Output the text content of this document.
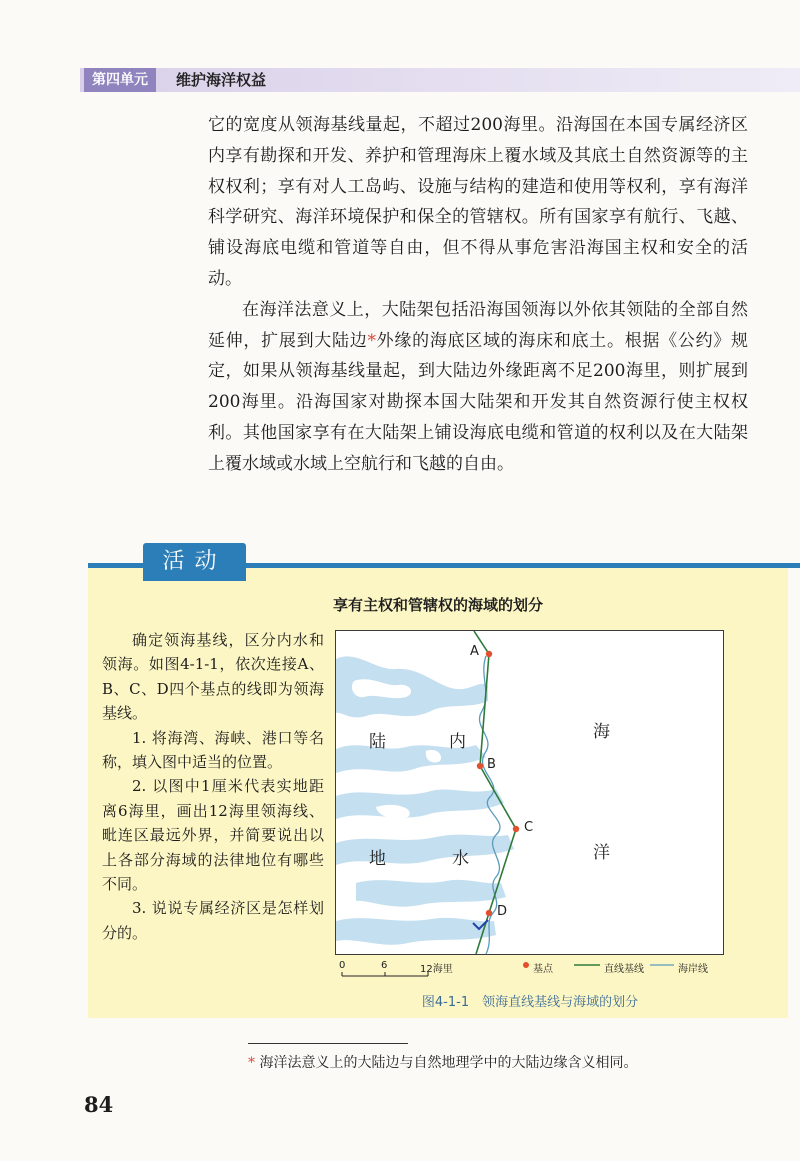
第四单元	维护海洋权益

它的宽度从领海基线量起，不超过200海里。沿海国在本国专属经济区内享有勘探和开发、养护和管理海床上覆水域及其底土自然资源等的主权权利；享有对人工岛屿、设施与结构的建造和使用等权利，享有海洋科学研究、海洋环境保护和保全的管辖权。所有国家享有航行、飞越、铺设海底电缆和管道等自由，但不得从事危害沿海国主权和安全的活动。

在海洋法意义上，大陆架包括沿海国领海以外依其领陆的全部自然延伸，扩展到大陆边*外缘的海底区域的海床和底土。根据《公约》规定，如果从领海基线量起，到大陆边外缘距离不足200海里，则扩展到200海里。沿海国家对勘探本国大陆架和开发其自然资源行使主权权利。其他国家享有在大陆架上铺设海底电缆和管道的权利以及在大陆架上覆水域或水域上空航行和飞越的自由。

活动
享有主权和管辖权的海域的划分

确定领海基线，区分内水和领海。如图4-1-1，依次连接A、B、C、D四个基点的线即为领海基线。

1. 将海湾、海峡、港口等名称，填入图中适当的位置。

2. 以图中1厘米代表实地距离6海里，画出12海里领海线、毗连区最远外界，并简要说出以上各部分海域的法律地位有哪些不同。

3. 说说专属经济区是怎样划分的。

陆
地
内
水
海
洋
A
B
C
D
0	6	12海里	基点	直线基线	海岸线
图4-1-1　领海直线基线与海域的划分
* 海洋法意义上的大陆边与自然地理学中的大陆边缘含义相同。
84
